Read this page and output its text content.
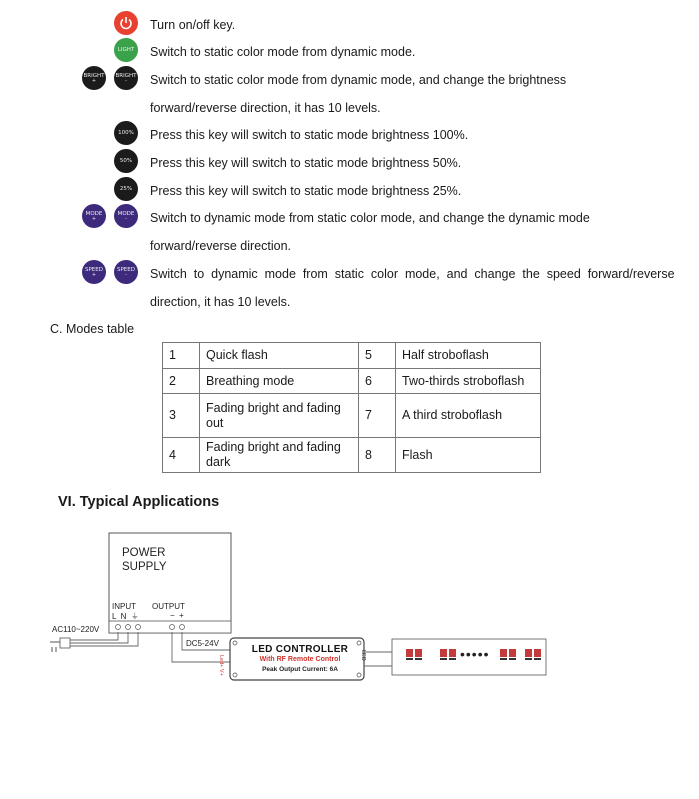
Turn on/off key.
LIGHT Switch to static color mode from dynamic mode.
BRIGHT
+
BRIGHT
-	Switch to static color mode from dynamic mode, and change the brightness
forward/reverse direction, it has 10 levels.
100% Press this key will switch to static mode brightness 100%.
50% Press this key will switch to static mode brightness 50%.
25% Press this key will switch to static mode brightness 25%.
MODE
+
MODE
-	Switch to dynamic mode from static color mode, and change the dynamic mode
forward/reverse direction.
SPEED
+
SPEED
-	Switch  to  dynamic  mode  from  static  color  mode,  and  change  the  speed  forward/reverse
direction, it has 10 levels.
C. Modes table
1	Quick flash	5	Half stroboflash
2	Breathing mode	6	Two-thirds stroboflash
3	Fading bright and fading out	7	A third stroboflash
4	Fading bright and fading dark	8	Flash
VI. Typical Applications
POWER SUPPLY
INPUT
L  N  ⏚
OUTPUT
−  +
AC110~220V
DC5-24V
LED CONTROLLER
With RF Remote Control
Peak Output Current: 6A
Led+ V+	LED	•••••
